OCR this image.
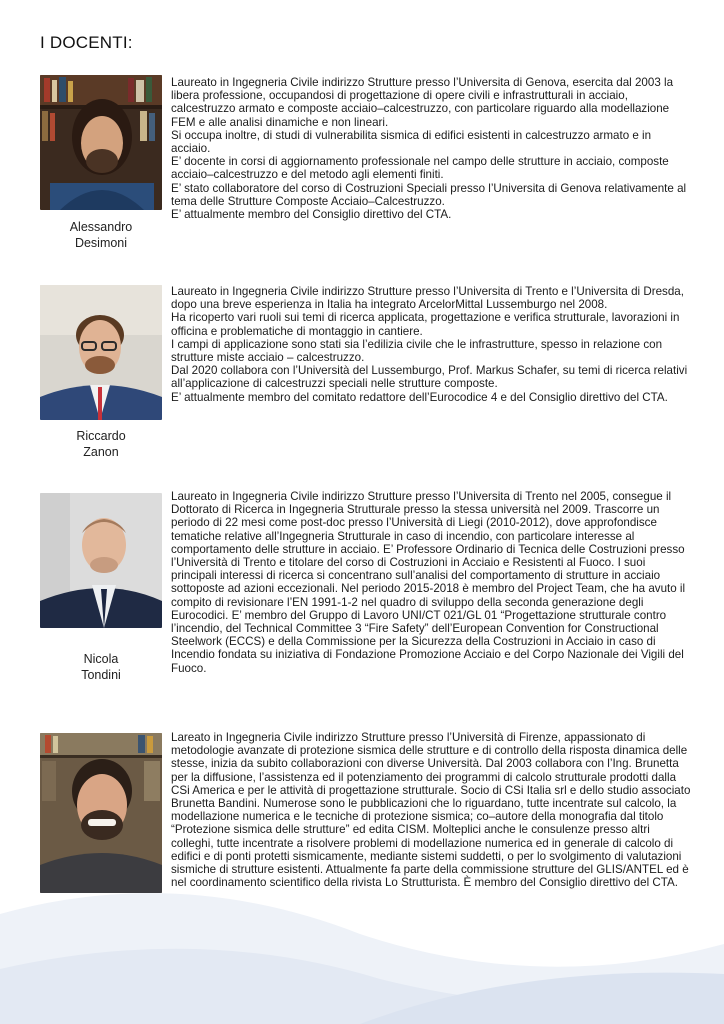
I DOCENTI:
Alessandro
Desimoni

Laureato in Ingegneria Civile indirizzo Strutture presso l’Universita di Genova, esercita dal 2003 la libera professione, occupandosi di progettazione di opere civili e infrastrutturali in acciaio, calcestruzzo armato e composte acciaio–calcestruzzo, con particolare riguardo alla modellazione FEM e alle analisi dinamiche e non lineari.

Si occupa inoltre, di studi di vulnerabilita sismica di edifici esistenti in calcestruzzo armato e in acciaio.

E’ docente in corsi di aggiornamento professionale nel campo delle strutture in acciaio, composte acciaio–calcestruzzo e del metodo agli elementi finiti.

E’ stato collaboratore del corso di Costruzioni Speciali presso l’Universita di Genova relativamente al tema delle Strutture Composte Acciaio–Calcestruzzo.

E’ attualmente membro del Consiglio direttivo del CTA.

Riccardo
Zanon

Laureato in Ingegneria Civile indirizzo Strutture presso l’Universita di Trento e l’Universita di Dresda, dopo una breve esperienza in Italia ha integrato ArcelorMittal Lussemburgo nel 2008.

Ha ricoperto vari ruoli sui temi di ricerca applicata, progettazione e verifica strutturale, lavorazioni in officina e problematiche di montaggio in cantiere.

I campi di applicazione sono stati sia l’edilizia civile che le infrastrutture, spesso in relazione con strutture miste acciaio – calcestruzzo.

Dal 2020 collabora con l’Università del Lussemburgo, Prof. Markus Schafer, su temi di ricerca relativi all’applicazione di calcestruzzi speciali nelle strutture composte.

E’ attualmente membro del comitato redattore dell’Eurocodice 4 e del Consiglio direttivo del CTA.

Nicola
Tondini

Laureato in Ingegneria Civile indirizzo Strutture presso l’Universita di Trento nel 2005, consegue il Dottorato di Ricerca in Ingegneria Strutturale presso la stessa università nel 2009. Trascorre un periodo di 22 mesi come post-doc presso l’Università di Liegi (2010-2012), dove approfondisce tematiche relative all’Ingegneria Strutturale in caso di incendio, con particolare interesse al comportamento delle strutture in acciaio. E’ Professore Ordinario di Tecnica delle Costruzioni presso l’Università di Trento e titolare del corso di Costruzioni in Acciaio e Resistenti al Fuoco. I suoi principali interessi di ricerca si concentrano sull’analisi del comportamento di strutture in acciaio sottoposte ad azioni eccezionali. Nel periodo 2015-2018 è membro del Project Team, che ha avuto il compito di revisionare l’EN 1991-1-2 nel quadro di sviluppo della seconda generazione degli Eurocodici. E’ membro del Gruppo di Lavoro UNI/CT 021/GL 01 “Progettazione strutturale contro l’incendio, del Technical Committee 3 “Fire Safety” dell’European Convention for Constructional Steelwork (ECCS) e della Commissione per la Sicurezza della Costruzioni in Acciaio in caso di Incendio fondata su iniziativa di Fondazione Promozione Acciaio e del Corpo Nazionale dei Vigili del Fuoco.

Lareato in Ingegneria Civile indirizzo Strutture presso l’Università di Firenze, appassionato di metodologie avanzate di protezione sismica delle strutture e di controllo della risposta dinamica delle stesse, inizia da subito collaborazioni con diverse Università. Dal 2003 collabora con l’Ing. Brunetta per la diffusione, l’assistenza ed il potenziamento dei programmi di calcolo strutturale prodotti dalla CSi America e per le attività di progettazione strutturale. Socio di CSi Italia srl e dello studio associato Brunetta Bandini. Numerose sono le pubblicazioni che lo riguardano, tutte incentrate sul calcolo, la modellazione numerica e le tecniche di protezione sismica; co–autore della monografia dal titolo “Protezione sismica delle strutture” ed edita CISM. Molteplici anche le consulenze presso altri colleghi, tutte incentrate a risolvere problemi di modellazione numerica ed in generale di calcolo di edifici e di ponti protetti sismicamente, mediante sistemi suddetti, o per lo svolgimento di valutazioni sismiche di strutture esistenti. Attualmente fa parte della commissione strutture del GLIS/ANTEL ed è nel coordinamento scientifico della rivista Lo Strutturista. È membro del Consiglio direttivo del CTA.
